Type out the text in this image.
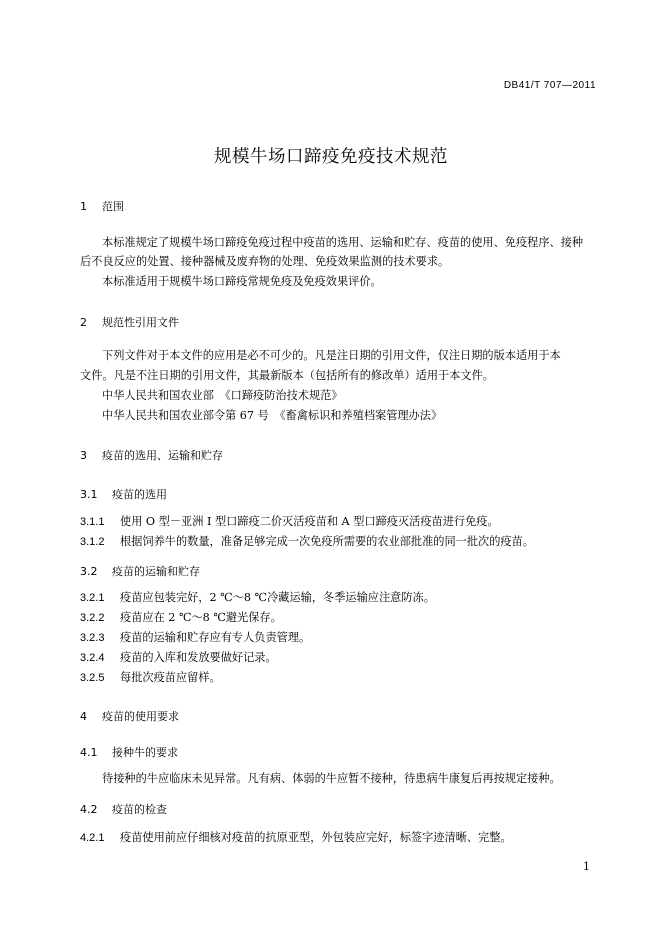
DB41/T 707—2011
规模牛场口蹄疫免疫技术规范
1 范围
本标准规定了规模牛场口蹄疫免疫过程中疫苗的选用、运输和贮存、疫苗的使用、免疫程序、接种
后不良反应的处置、接种器械及废弃物的处理、免疫效果监测的技术要求。
本标准适用于规模牛场口蹄疫常规免疫及免疫效果评价。
2 规范性引用文件
下列文件对于本文件的应用是必不可少的。凡是注日期的引用文件，仅注日期的版本适用于本
文件。凡是不注日期的引用文件，其最新版本（包括所有的修改单）适用于本文件。
中华人民共和国农业部　《口蹄疫防治技术规范》
中华人民共和国农业部令第 67 号　《畜禽标识和养殖档案管理办法》
3 疫苗的选用、运输和贮存
3.1 疫苗的选用
3.1.1 使用 O 型－亚洲 I 型口蹄疫二价灭活疫苗和 A 型口蹄疫灭活疫苗进行免疫。
3.1.2 根据饲养牛的数量，准备足够完成一次免疫所需要的农业部批准的同一批次的疫苗。
3.2 疫苗的运输和贮存
3.2.1 疫苗应包装完好，2 ℃～8 ℃冷藏运输，冬季运输应注意防冻。
3.2.2 疫苗应在 2 ℃～8 ℃避光保存。
3.2.3 疫苗的运输和贮存应有专人负责管理。
3.2.4 疫苗的入库和发放要做好记录。
3.2.5 每批次疫苗应留样。
4 疫苗的使用要求
4.1 接种牛的要求
待接种的牛应临床未见异常。凡有病、体弱的牛应暂不接种，待患病牛康复后再按规定接种。
4.2 疫苗的检查
4.2.1 疫苗使用前应仔细核对疫苗的抗原亚型，外包装应完好，标签字迹清晰、完整。
1
